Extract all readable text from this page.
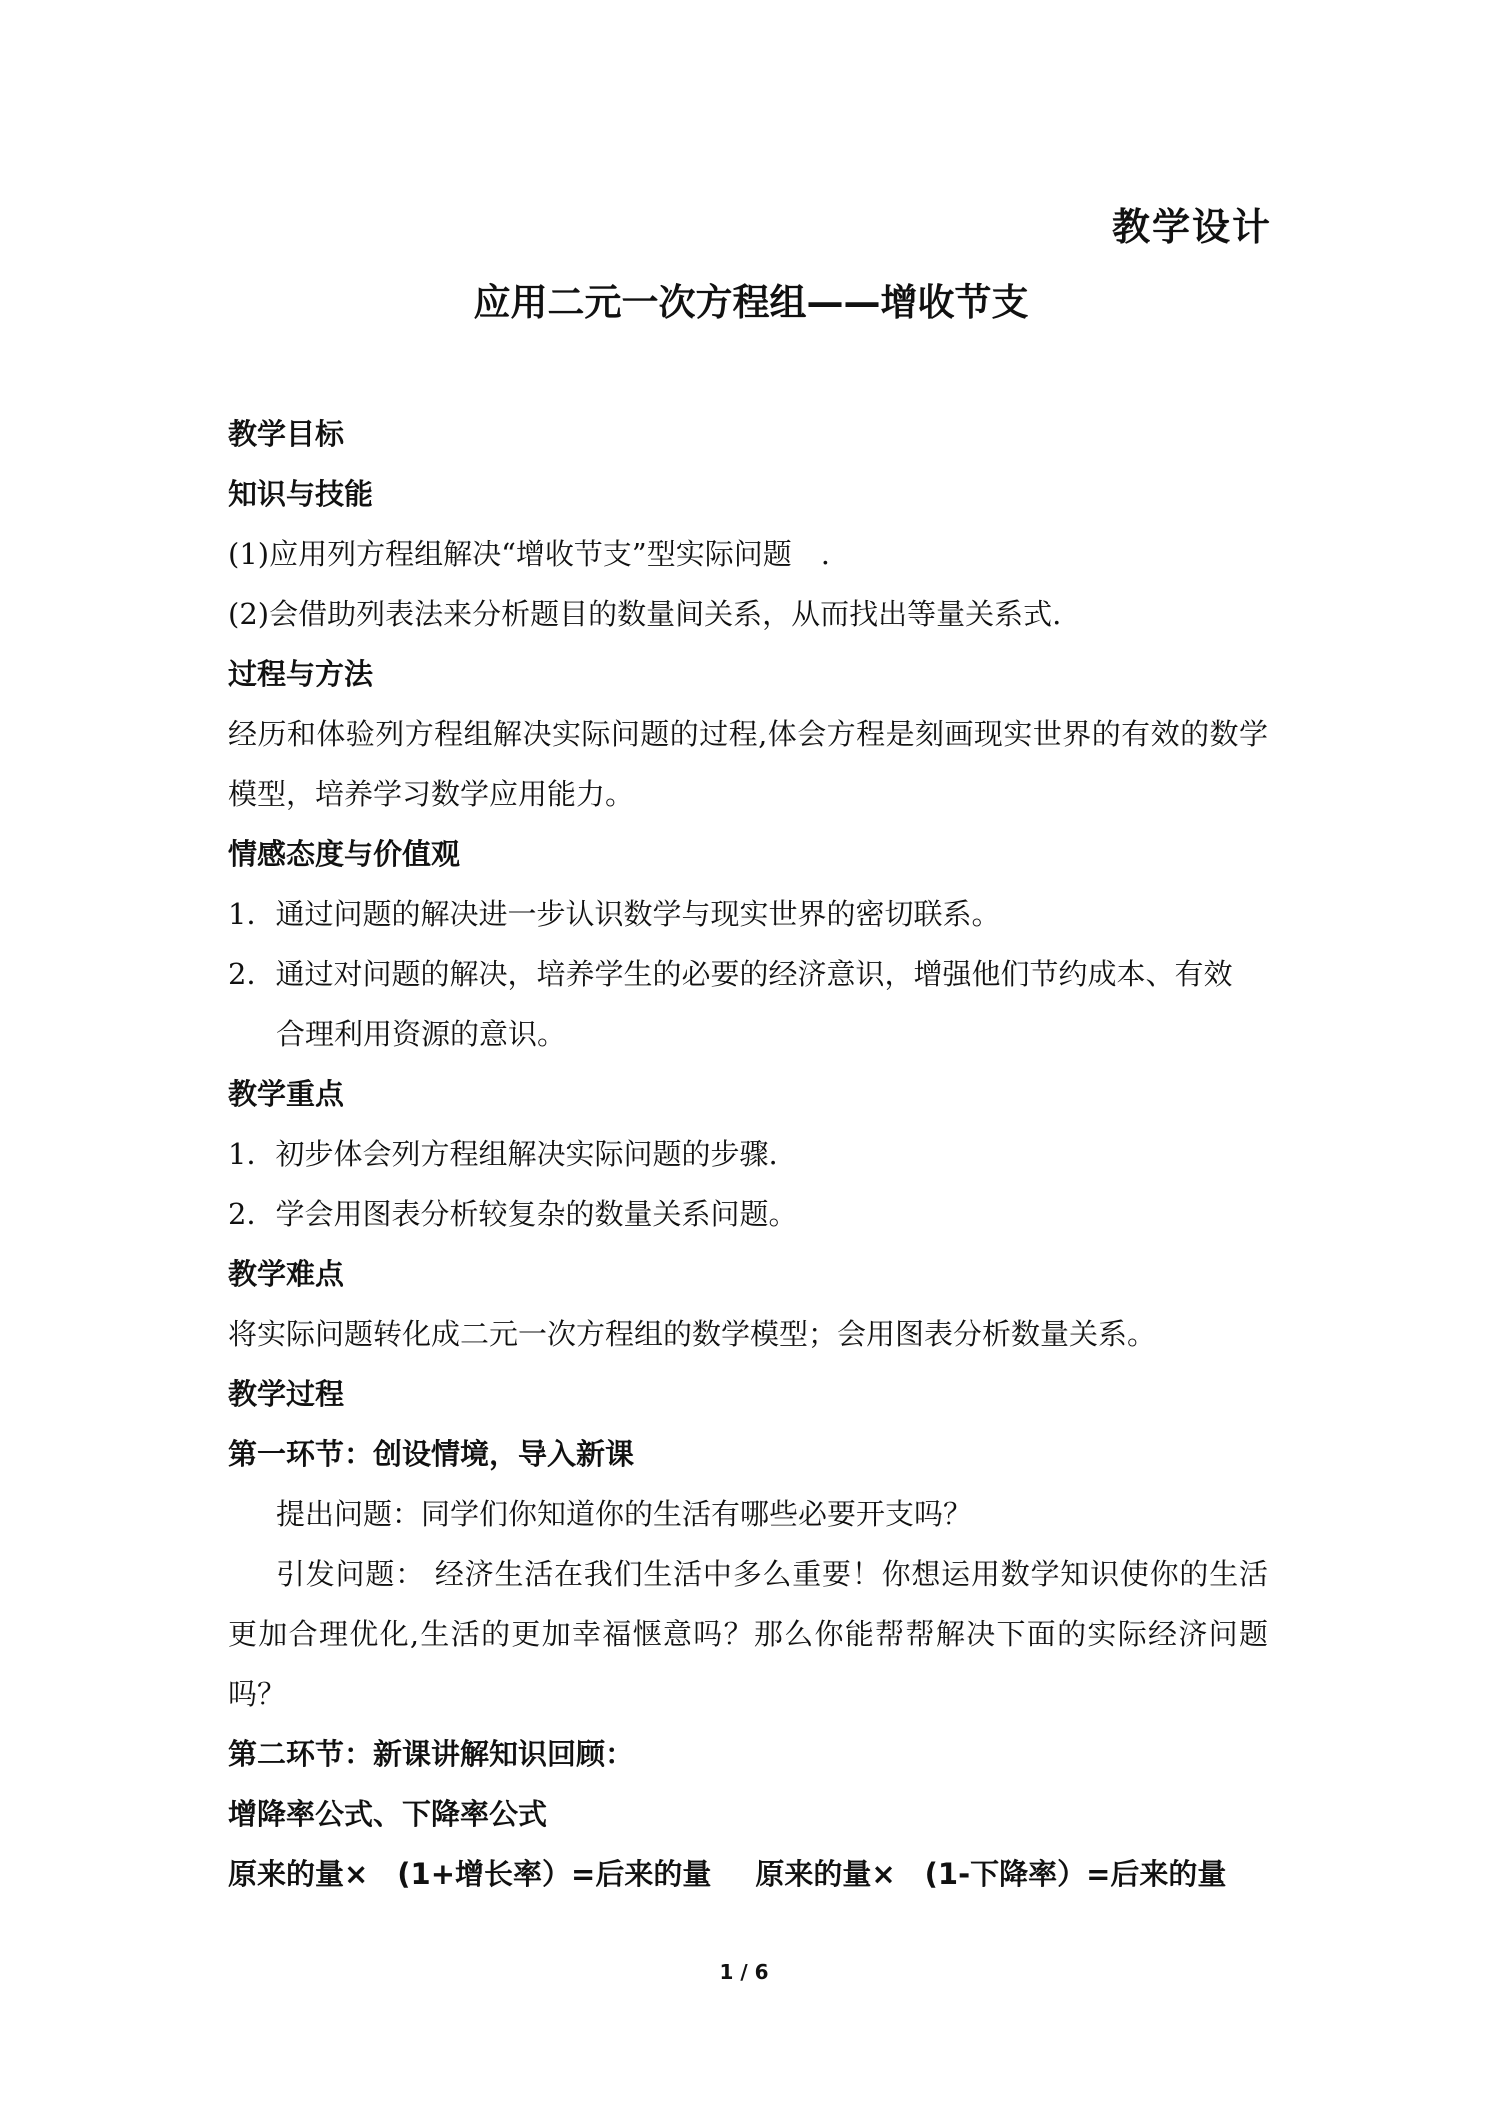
教学设计
应用二元一次方程组——增收节支
教学目标
知识与技能
(1)应用列方程组解决“增收节支”型实际问题　.
(2)会借助列表法来分析题目的数量间关系，从而找出等量关系式.
过程与方法
经历和体验列方程组解决实际问题的过程,体会方程是刻画现实世界的有效的数学模型，培养学习数学应用能力。
情感态度与价值观
1．通过问题的解决进一步认识数学与现实世界的密切联系。
2．通过对问题的解决，培养学生的必要的经济意识，增强他们节约成本、有效
合理利用资源的意识。
教学重点
1．初步体会列方程组解决实际问题的步骤.
2．学会用图表分析较复杂的数量关系问题。
教学难点
将实际问题转化成二元一次方程组的数学模型；会用图表分析数量关系。
教学过程
第一环节：创设情境，导入新课
提出问题：同学们你知道你的生活有哪些必要开支吗？
引发问题： 经济生活在我们生活中多么重要！你想运用数学知识使你的生活更加合理优化,生活的更加幸福惬意吗？那么你能帮帮解决下面的实际经济问题吗？
第二环节：新课讲解知识回顾：
增降率公式、下降率公式
原来的量×　(1+增长率）=后来的量 原来的量×　(1-下降率）=后来的量
1 / 6
